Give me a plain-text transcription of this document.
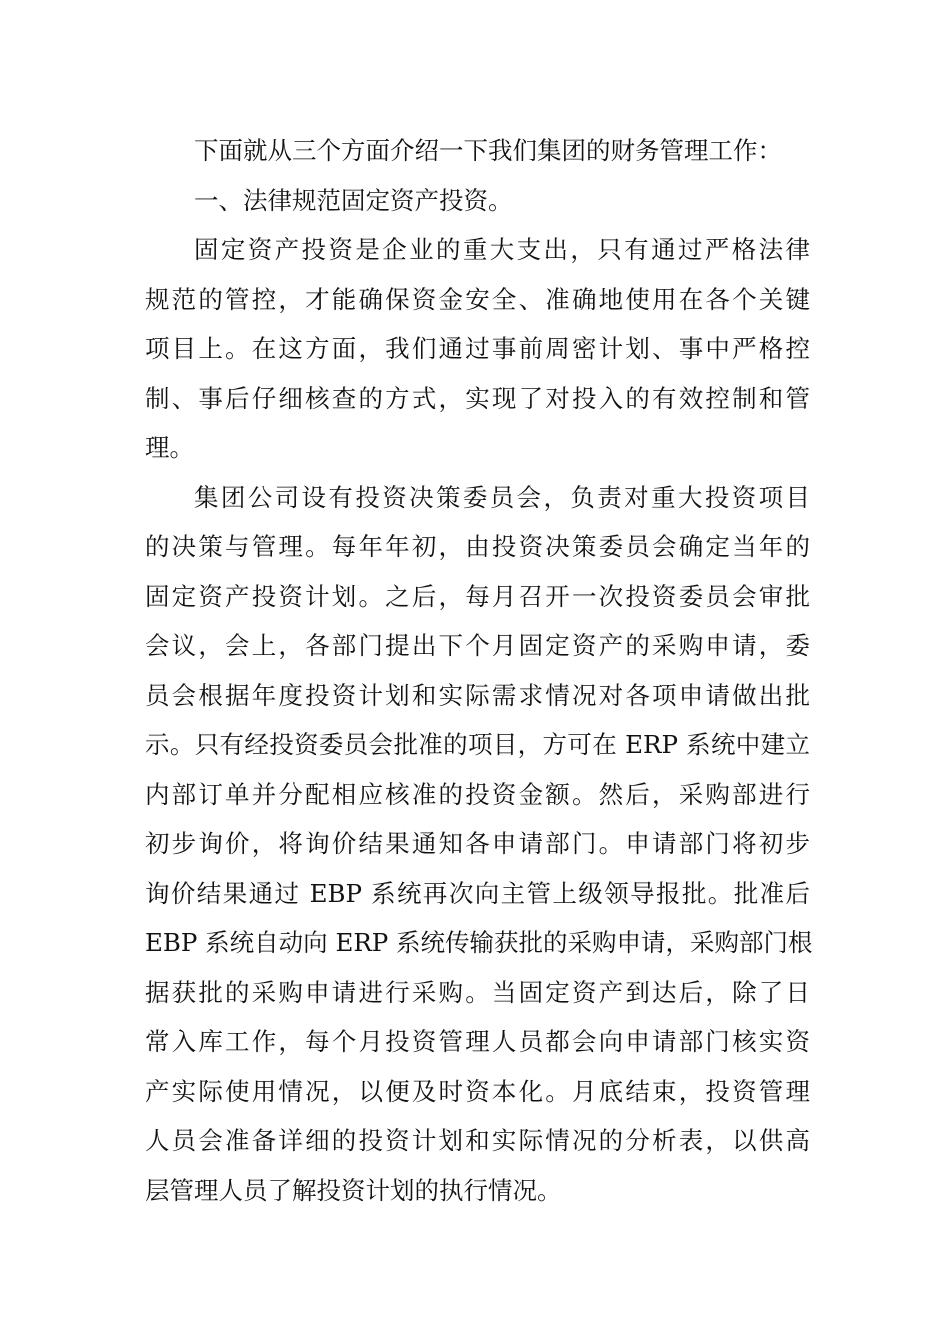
下面就从三个方面介绍一下我们集团的财务管理工作：
一、法律规范固定资产投资。
固定资产投资是企业的重大支出，只有通过严格法律
规范的管控，才能确保资金安全、准确地使用在各个关键
项目上。在这方面，我们通过事前周密计划、事中严格控
制、事后仔细核查的方式，实现了对投入的有效控制和管
理。
集团公司设有投资决策委员会，负责对重大投资项目
的决策与管理。每年年初，由投资决策委员会确定当年的
固定资产投资计划。之后，每月召开一次投资委员会审批
会议，会上，各部门提出下个月固定资产的采购申请，委
员会根据年度投资计划和实际需求情况对各项申请做出批
示。只有经投资委员会批准的项目，方可在 ERP 系统中建立
内部订单并分配相应核准的投资金额。然后，采购部进行
初步询价，将询价结果通知各申请部门。申请部门将初步
询价结果通过 EBP 系统再次向主管上级领导报批。批准后
EBP 系统自动向 ERP 系统传输获批的采购申请，采购部门根
据获批的采购申请进行采购。当固定资产到达后，除了日
常入库工作，每个月投资管理人员都会向申请部门核实资
产实际使用情况，以便及时资本化。月底结束，投资管理
人员会准备详细的投资计划和实际情况的分析表，以供高
层管理人员了解投资计划的执行情况。
